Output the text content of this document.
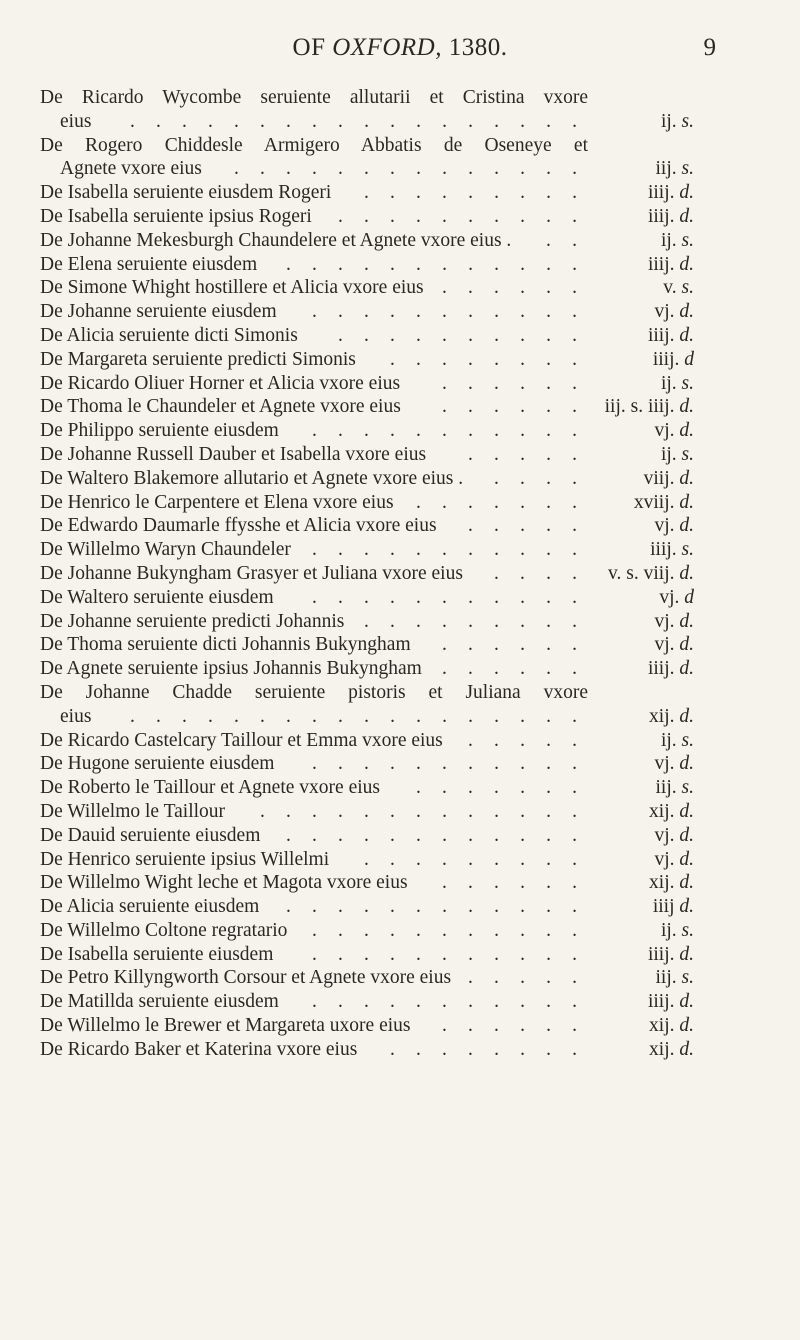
OF OXFORD, 1380.	9
De Ricardo Wycombe seruiente allutarii et Cristina vxore
eius . . . . . . . . . . . . . . . . . .	ij. s.
De Rogero Chiddesle Armigero Abbatis de Oseneye et
Agnete vxore eius . . . . . . . . . . . . . .	iij. s.
De Isabella seruiente eiusdem Rogeri . . . . . . . . .	iiij. d.
De Isabella seruiente ipsius Rogeri . . . . . . . . . .	iiij. d.
De Johanne Mekesburgh Chaundelere et Agnete vxore eius . . .	ij. s.
De Elena seruiente eiusdem . . . . . . . . . . . .	iiij. d.
De Simone Whight hostillere et Alicia vxore eius . . . . . .	v. s.
De Johanne seruiente eiusdem . . . . . . . . . . .	vj. d.
De Alicia seruiente dicti Simonis . . . . . . . . . .	iiij. d.
De Margareta seruiente predicti Simonis . . . . . . . .	iiij. d
De Ricardo Oliuer Horner et Alicia vxore eius . . . . . .	ij. s.
De Thoma le Chaundeler et Agnete vxore eius . . . . . . iij. s. iiij. d.
De Philippo seruiente eiusdem . . . . . . . . . . .	vj. d.
De Johanne Russell Dauber et Isabella vxore eius . . . . .	ij. s.
De Waltero Blakemore allutario et Agnete vxore eius . . . . .	viij. d.
De Henrico le Carpentere et Elena vxore eius . . . . . . .	xviij. d.
De Edwardo Daumarle ffysshe et Alicia vxore eius . . . . .	vj. d.
De Willelmo Waryn Chaundeler . . . . . . . . . . .	iiij. s.
De Johanne Bukyngham Grasyer et Juliana vxore eius . . . . v. s. viij. d.
De Waltero seruiente eiusdem . . . . . . . . . . .	vj. d
De Johanne seruiente predicti Johannis . . . . . . . . .	vj. d.
De Thoma seruiente dicti Johannis Bukyngham . . . . . .	vj. d.
De Agnete seruiente ipsius Johannis Bukyngham . . . . . .	iiij. d.
De Johanne Chadde seruiente pistoris et Juliana vxore
eius . . . . . . . . . . . . . . . . . .	xij. d.
De Ricardo Castelcary Taillour et Emma vxore eius . . . . .	ij. s.
De Hugone seruiente eiusdem . . . . . . . . . . .	vj. d.
De Roberto le Taillour et Agnete vxore eius . . . . . . .	iij. s.
De Willelmo le Taillour . . . . . . . . . . . . .	xij. d.
De Dauid seruiente eiusdem . . . . . . . . . . . .	vj. d.
De Henrico seruiente ipsius Willelmi . . . . . . . . .	vj. d.
De Willelmo Wight leche et Magota vxore eius . . . . . .	xij. d.
De Alicia seruiente eiusdem . . . . . . . . . . . .	iiij d.
De Willelmo Coltone regratario . . . . . . . . . . .	ij. s.
De Isabella seruiente eiusdem . . . . . . . . . . .	iiij. d.
De Petro Killyngworth Corsour et Agnete vxore eius . . . . .	iij. s.
De Matillda seruiente eiusdem . . . . . . . . . . .	iiij. d.
De Willelmo le Brewer et Margareta uxore eius . . . . . .	xij. d.
De Ricardo Baker et Katerina vxore eius . . . . . . . .	xij. d.
